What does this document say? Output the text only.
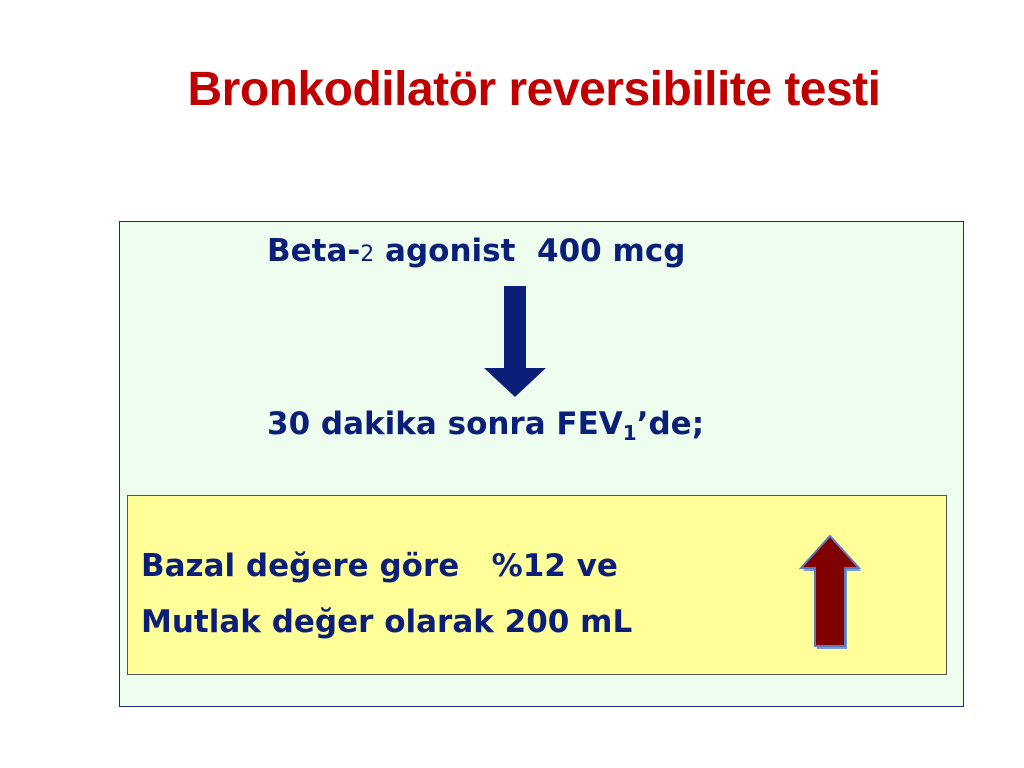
Bronkodilatör reversibilite testi
Beta-2 agonist  400 mcg
30 dakika sonra $FEV_1’de$;
Bazal değere göre   %12 ve
Mutlak değer olarak 200 mL
